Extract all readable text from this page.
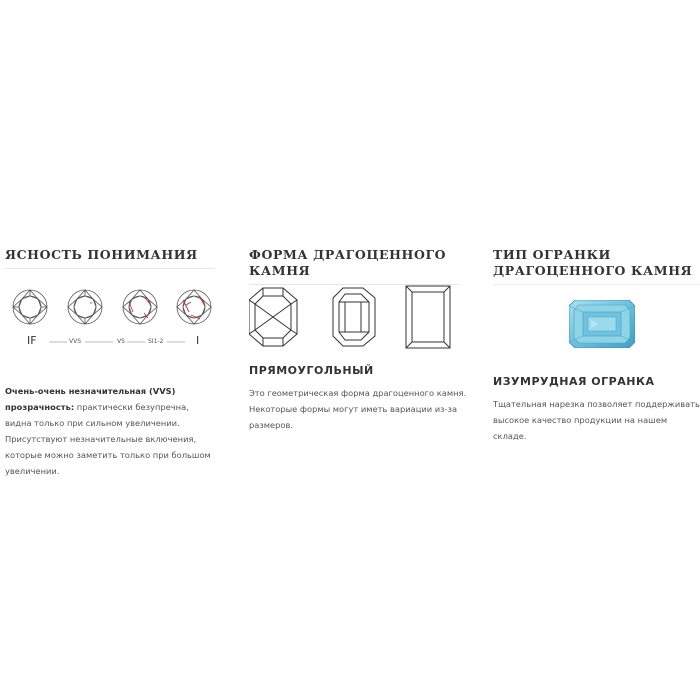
ЯСНОСТЬ ПОНИМАНИЯ
IF	VVS	VS	SI1-2	I

Очень-очень незначительная (VVS)
прозрачность: практически безупречна, видна только при сильном увеличении. Присутствуют незначительные включения, которые можно заметить только при большом увеличении.

ФОРМА ДРАГОЦЕННОГО КАМНЯ

ПРЯМОУГОЛЬНЫЙ

Это геометрическая форма драгоценного камня. Некоторые формы могут иметь вариации из-за размеров.

ТИП ОГРАНКИ ДРАГОЦЕННОГО КАМНЯ

ИЗУМРУДНАЯ ОГРАНКА

Тщательная нарезка позволяет поддерживать высокое качество продукции на нашем складе.
